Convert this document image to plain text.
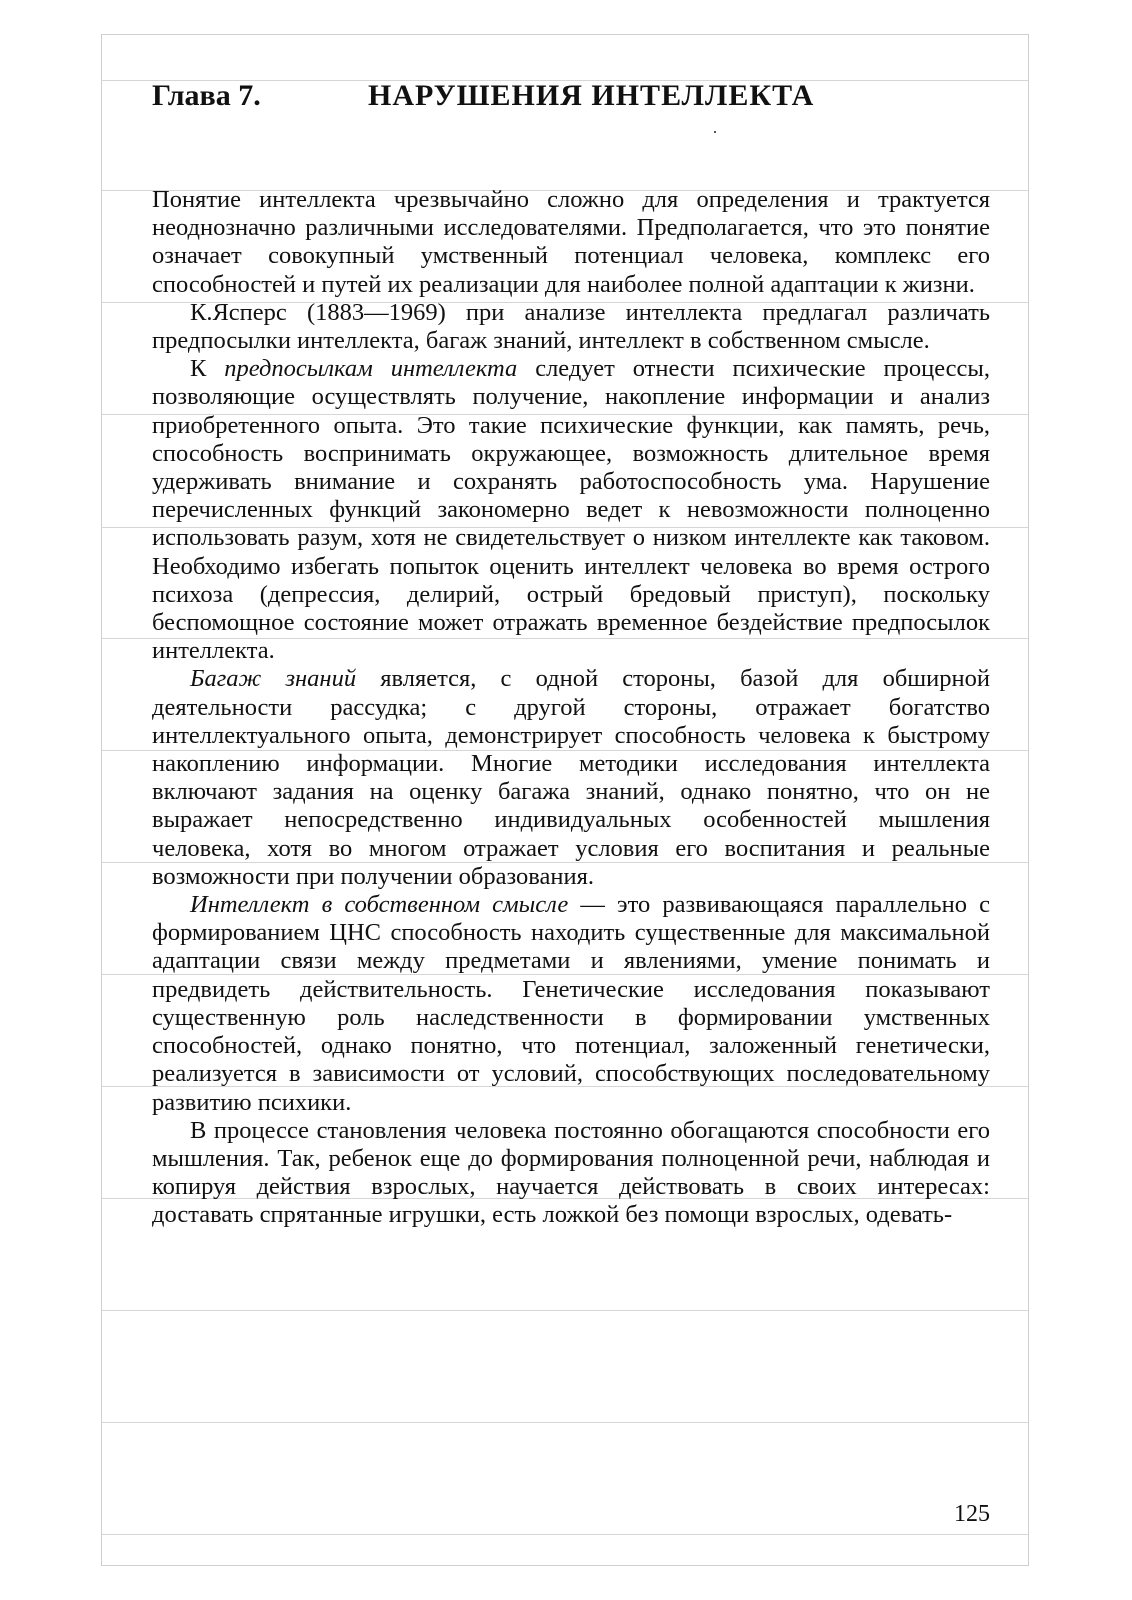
Глава 7.	НАРУШЕНИЯ ИНТЕЛЛЕКТА

Понятие интеллекта чрезвычайно сложно для определения и трактуется неоднозначно различными исследователями. Предполагается, что это понятие означает совокупный умственный потенциал человека, комплекс его способностей и путей их реализации для наиболее полной адаптации к жизни.

К.Ясперс (1883—1969) при анализе интеллекта предлагал различать предпосылки интеллекта, багаж знаний, интеллект в собственном смысле.

К предпосылкам интеллекта следует отнести психические процессы, позволяющие осуществлять получение, накопление информации и анализ приобретенного опыта. Это такие психические функции, как память, речь, способность воспринимать окружающее, возможность длительное время удерживать внимание и сохранять работоспособность ума. Нарушение перечисленных функций закономерно ведет к невозможности полноценно использовать разум, хотя не свидетельствует о низком интеллекте как таковом. Необходимо избегать попыток оценить интеллект человека во время острого психоза (депрессия, делирий, острый бредовый приступ), поскольку беспомощное состояние может отражать временное бездействие предпосылок интеллекта.

Багаж знаний является, с одной стороны, базой для обширной деятельности рассудка; с другой стороны, отражает богатство интеллектуального опыта, демонстрирует способность человека к быстрому накоплению информации. Многие методики исследования интеллекта включают задания на оценку багажа знаний, однако понятно, что он не выражает непосредственно индивидуальных особенностей мышления человека, хотя во многом отражает условия его воспитания и реальные возможности при получении образования.

Интеллект в собственном смысле — это развивающаяся параллельно с формированием ЦНС способность находить существенные для максимальной адаптации связи между предметами и явлениями, умение понимать и предвидеть действительность. Генетические исследования показывают существенную роль наследственности в формировании умственных способностей, однако понятно, что потенциал, заложенный генетически, реализуется в зависимости от условий, способствующих последовательному развитию психики.

В процессе становления человека постоянно обогащаются способности его мышления. Так, ребенок еще до формирования полноценной речи, наблюдая и копируя действия взрослых, научается действовать в своих интересах: доставать спрятанные игрушки, есть ложкой без помощи взрослых, одевать-

125
